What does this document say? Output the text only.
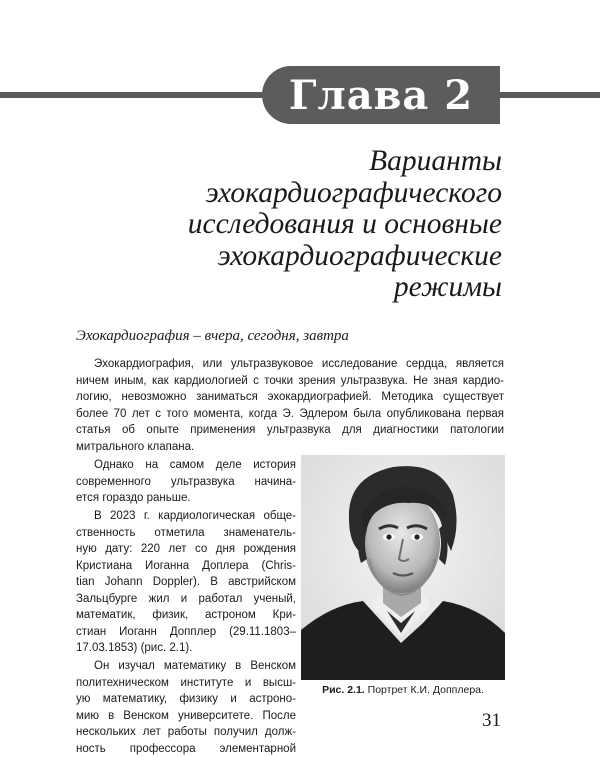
Глава 2
Варианты
эхокардиографического
исследования и основные
эхокардиографические
режимы
Эхокардиография – вчера, сегодня, завтра
Эхокардиография, или ультразвуковое исследование сердца, является
ничем иным, как кардиологией с точки зрения ультразвука. Не зная кардио-
логию, невозможно заниматься эхокардиографией. Методика существует
более 70 лет с того момента, когда Э. Эдлером была опубликована первая
статья об опыте применения ультразвука для диагностики патологии
митрального клапана.
Однако на самом деле история
современного ультразвука начина-
ется гораздо раньше.
В 2023 г. кардиологическая обще-
ственность отметила знаменатель-
ную дату: 220 лет со дня рождения
Кристиана Иоганна Доплера (Chris-
tian Johann Doppler). В австрийском
Зальцбурге жил и работал ученый,
математик, физик, астроном Кри-
стиан Иоганн Допплер (29.11.1803–
17.03.1853) (рис. 2.1).
Он изучал математику в Венском
политехническом институте и высш-
ую математику, физику и астроно-
мию в Венском университете. После
нескольких лет работы получил долж-
ность профессора элементарной
Рис. 2.1. Портрет К.И. Допплера.
31
